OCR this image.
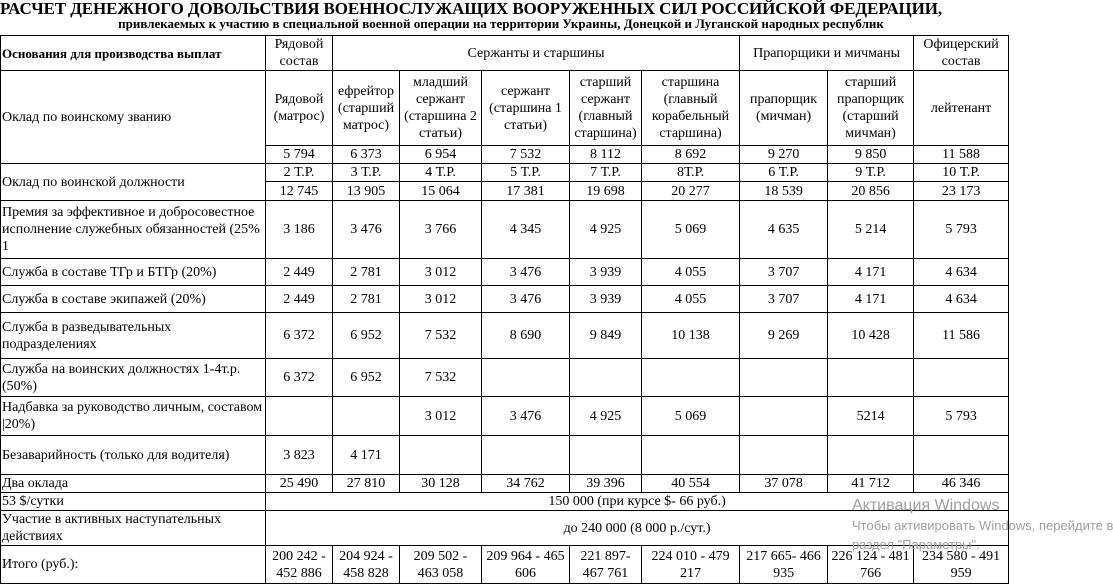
РАСЧЕТ ДЕНЕЖНОГО ДОВОЛЬСТВИЯ ВОЕННОСЛУЖАЩИХ ВООРУЖЕННЫХ СИЛ РОССИЙСКОЙ ФЕДЕРАЦИИ,
привлекаемых к участию в специальной военной операции на территории Украины, Донецкой и Луганской народных республик
Основания для производства выплат	Рядовой состав	Сержанты и старшины					Прапорщики и мичманы		Офицерский состав
Оклад по воинскому званию	Рядовой (матрос)	ефрейтор (старший матрос)	младший сержант (старшина 2 статьи)	сержант (старшина 1 статьи)	старший сержант (главный старшина)	старшина (главный корабельный старшина)	прапорщик (мичман)	старший прапорщик (старший мичман)	лейтенант
	5 794	6 373	6 954	7 532	8 112	8 692	9 270	9 850	11 588
Оклад по воинской должности	2 Т.Р.	3 Т.Р.	4 Т.Р.	5 Т.Р.	7 Т.Р.	8Т.Р.	6 Т.Р.	9 Т.Р.	10 Т.Р.
	12 745	13 905	15 064	17 381	19 698	20 277	18 539	20 856	23 173
Премия за эффективное и добросовестное исполнение служебных обязанностей (25% 1	3 186	3 476	3 766	4 345	4 925	5 069	4 635	5 214	5 793
Служба в составе ТГр и БТГр (20%)	2 449	2 781	3 012	3 476	3 939	4 055	3 707	4 171	4 634
Служба в составе экипажей (20%)	2 449	2 781	3 012	3 476	3 939	4 055	3 707	4 171	4 634
Служба в разведывательных подразделениях	6 372	6 952	7 532	8 690	9 849	10 138	9 269	10 428	11 586
Служба на воинских должностях 1-4т.р. (50%)	6 372	6 952	7 532						
Надбавка за руководство личным, составом |20%)			3 012	3 476	4 925	5 069		5214	5 793
Безаварийность (только для водителя)	3 823	4 171							
Два оклада	25 490	27 810	30 128	34 762	39 396	40 554	37 078	41 712	46 346
53 $/сутки	150 000 (при курсе $- 66 руб.)								
Участие в активных наступательных действиях	до 240 000 (8 000 р./сут.)								
Итого (руб.):	200 242 - 452 886	204 924 - 458 828	209 502 - 463 058	209 964 - 465 606	221 897- 467 761	224 010 - 479 217	217 665- 466 935	226 124 - 481 766	234 580 - 491 959
Активация Windows
Чтобы активировать Windows, перейдите в
раздел "Параметры".
